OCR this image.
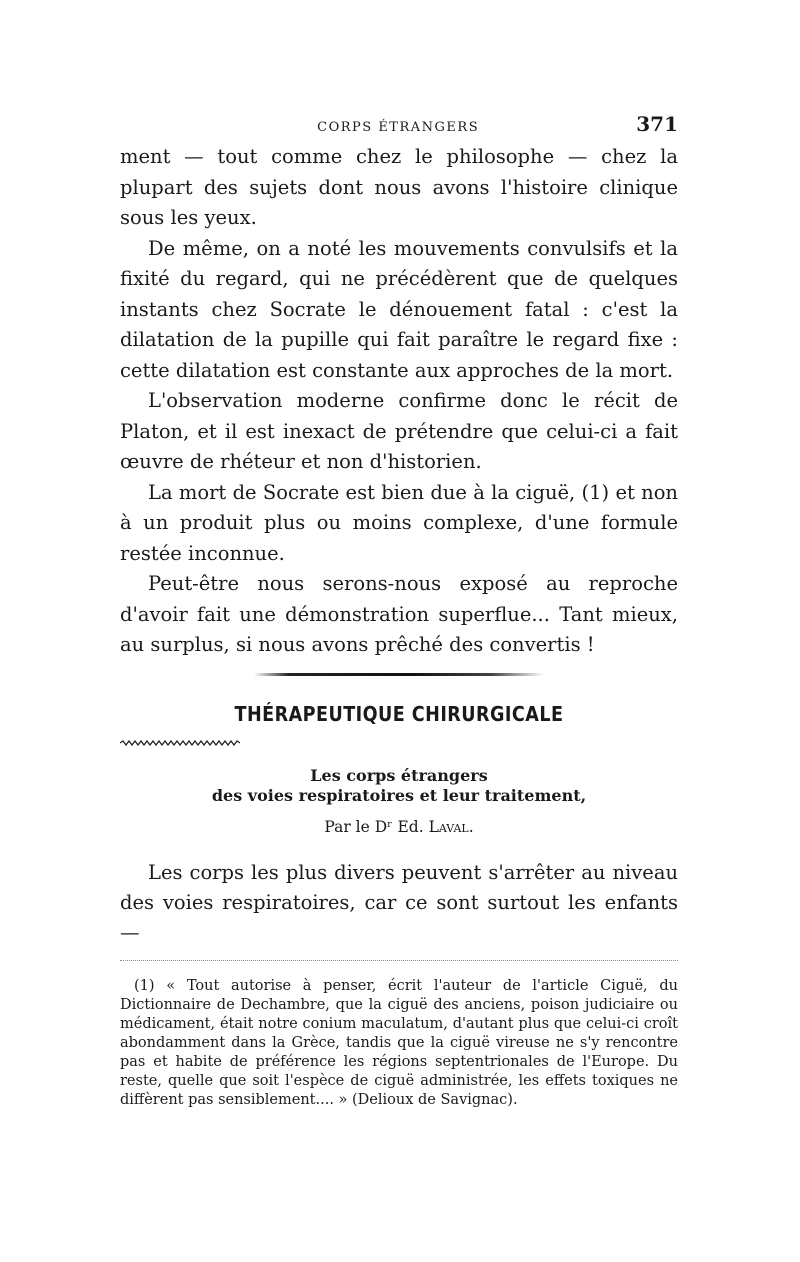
CORPS ÉTRANGERS	371

ment — tout comme chez le philosophe — chez la plupart des sujets dont nous avons l'histoire clinique sous les yeux.

De même, on a noté les mouvements convulsifs et la fixité du regard, qui ne précédèrent que de quelques instants chez Socrate le dénouement fatal : c'est la dilatation de la pupille qui fait paraître le regard fixe : cette dilatation est constante aux approches de la mort.

L'observation moderne confirme donc le récit de Platon, et il est inexact de prétendre que celui-ci a fait œuvre de rhéteur et non d'historien.

La mort de Socrate est bien due à la ciguë, (1) et non à un produit plus ou moins complexe, d'une formule restée inconnue.

Peut-être nous serons-nous exposé au reproche d'avoir fait une démonstration superflue... Tant mieux, au surplus, si nous avons prêché des convertis !

THÉRAPEUTIQUE CHIRURGICALE
Les corps étrangers
des voies respiratoires et leur traitement,
Par le Dʳ Ed. Laval.

Les corps les plus divers peuvent s'arrêter au niveau des voies respiratoires, car ce sont surtout les enfants —

(1) « Tout autorise à penser, écrit l'auteur de l'article Ciguë, du Dictionnaire de Dechambre, que la ciguë des anciens, poison judiciaire ou médicament, était notre conium maculatum, d'autant plus que celui-ci croît abondamment dans la Grèce, tandis que la ciguë vireuse ne s'y rencontre pas et habite de préférence les régions septentrionales de l'Europe. Du reste, quelle que soit l'espèce de ciguë administrée, les effets toxiques ne diffèrent pas sensiblement.... » (Delioux de Savignac).
